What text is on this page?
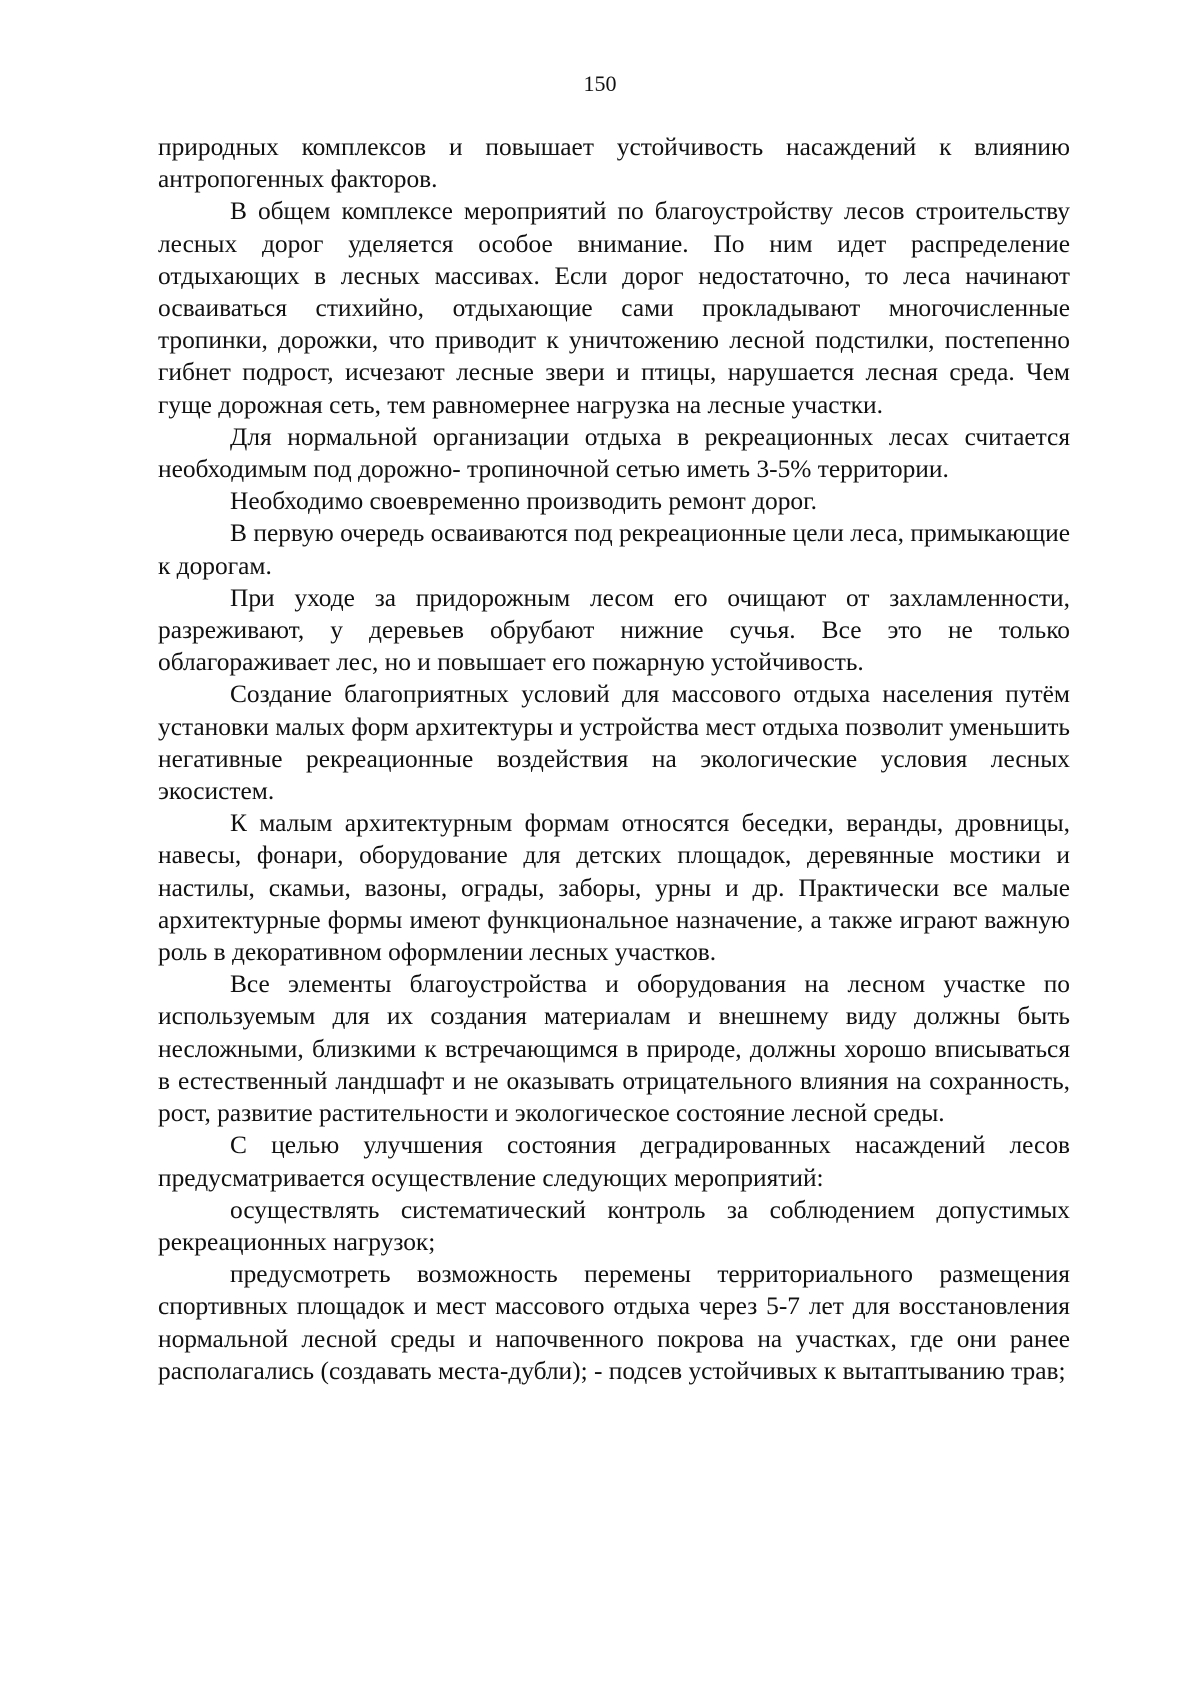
150

природных комплексов и повышает устойчивость насаждений к влиянию антропогенных факторов.

В общем комплексе мероприятий по благоустройству лесов строительству лесных дорог уделяется особое внимание. По ним идет распределение отдыхающих в лесных массивах. Если дорог недостаточно, то леса начинают осваиваться стихийно, отдыхающие сами прокладывают многочисленные тропинки, дорожки, что приводит к уничтожению лесной подстилки, постепенно гибнет подрост, исчезают лесные звери и птицы, нарушается лесная среда. Чем гуще дорожная сеть, тем равномернее нагрузка на лесные участки.

Для нормальной организации отдыха в рекреационных лесах считается необходимым под дорожно- тропиночной сетью иметь 3-5% территории.

Необходимо своевременно производить ремонт дорог.

В первую очередь осваиваются под рекреационные цели леса, примыкающие к дорогам.

При уходе за придорожным лесом его очищают от захламленности, разреживают, у деревьев обрубают нижние сучья. Все это не только облагораживает лес, но и повышает его пожарную устойчивость.

Создание благоприятных условий для массового отдыха населения путём установки малых форм архитектуры и устройства мест отдыха позволит уменьшить негативные рекреационные воздействия на экологические условия лесных экосистем.

К малым архитектурным формам относятся беседки, веранды, дровницы, навесы, фонари, оборудование для детских площадок, деревянные мостики и настилы, скамьи, вазоны, ограды, заборы, урны и др. Практически все малые архитектурные формы имеют функциональное назначение, а также играют важную роль в декоративном оформлении лесных участков.

Все элементы благоустройства и оборудования на лесном участке по используемым для их создания материалам и внешнему виду должны быть несложными, близкими к встречающимся в природе, должны хорошо вписываться в естественный ландшафт и не оказывать отрицательного влияния на сохранность, рост, развитие растительности и экологическое состояние лесной среды.

С целью улучшения состояния деградированных насаждений лесов предусматривается осуществление следующих мероприятий:

осуществлять систематический контроль за соблюдением допустимых рекреационных нагрузок;

предусмотреть возможность перемены территориального размещения спортивных площадок и мест массового отдыха через 5-7 лет для восстановления нормальной лесной среды и напочвенного покрова на участках, где они ранее располагались (создавать места-дубли); - подсев устойчивых к вытаптыванию трав;
